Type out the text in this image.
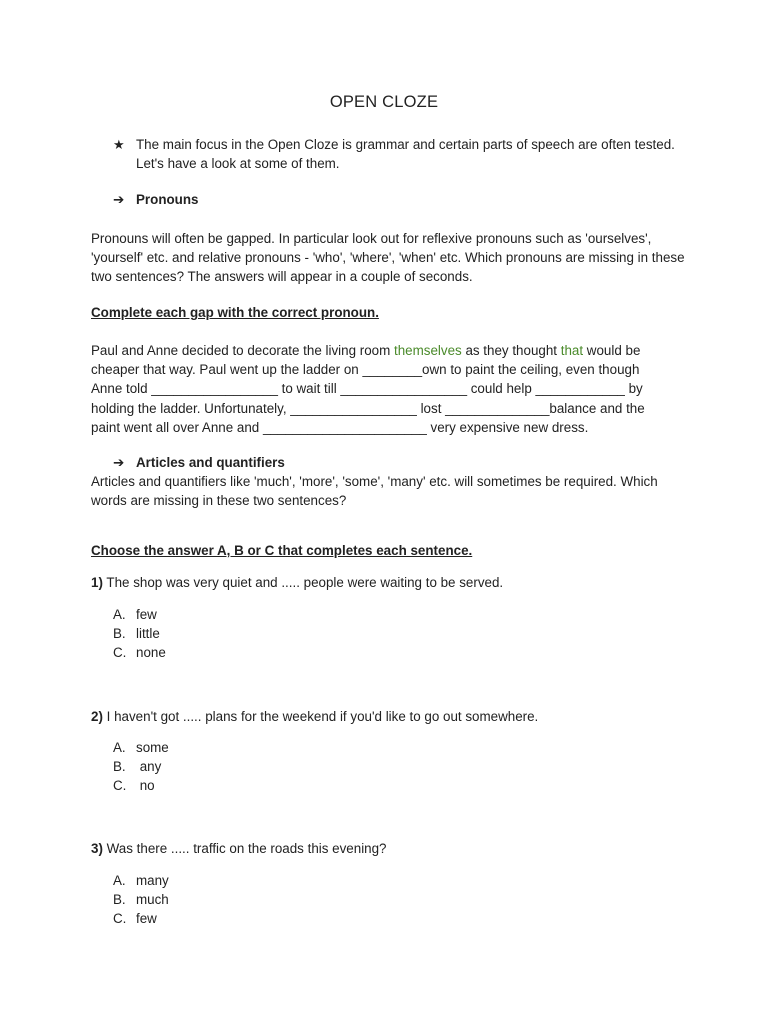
OPEN CLOZE
★ The main focus in the Open Cloze is grammar and certain parts of speech are often tested. Let's have a look at some of them.
➔ Pronouns
Pronouns will often be gapped. In particular look out for reflexive pronouns such as 'ourselves', 'yourself' etc. and relative pronouns - 'who', 'where', 'when' etc. Which pronouns are missing in these two sentences? The answers will appear in a couple of seconds.
Complete each gap with the correct pronoun.
Paul and Anne decided to decorate the living room themselves as they thought that would be cheaper that way. Paul went up the ladder on ________own to paint the ceiling, even though Anne told _________________ to wait till _________________ could help ____________ by holding the ladder. Unfortunately, _________________ lost ______________balance and the paint went all over Anne and ______________________ very expensive new dress.
➔ Articles and quantifiers
Articles and quantifiers like 'much', 'more', 'some', 'many' etc. will sometimes be required. Which words are missing in these two sentences?
Choose the answer A, B or C that completes each sentence.
1) The shop was very quiet and ..... people were waiting to be served.
A. few
B. little
C. none
2) I haven't got ..... plans for the weekend if you'd like to go out somewhere.
A. some
B. any
C. no
3) Was there ..... traffic on the roads this evening?
A. many
B. much
C. few
